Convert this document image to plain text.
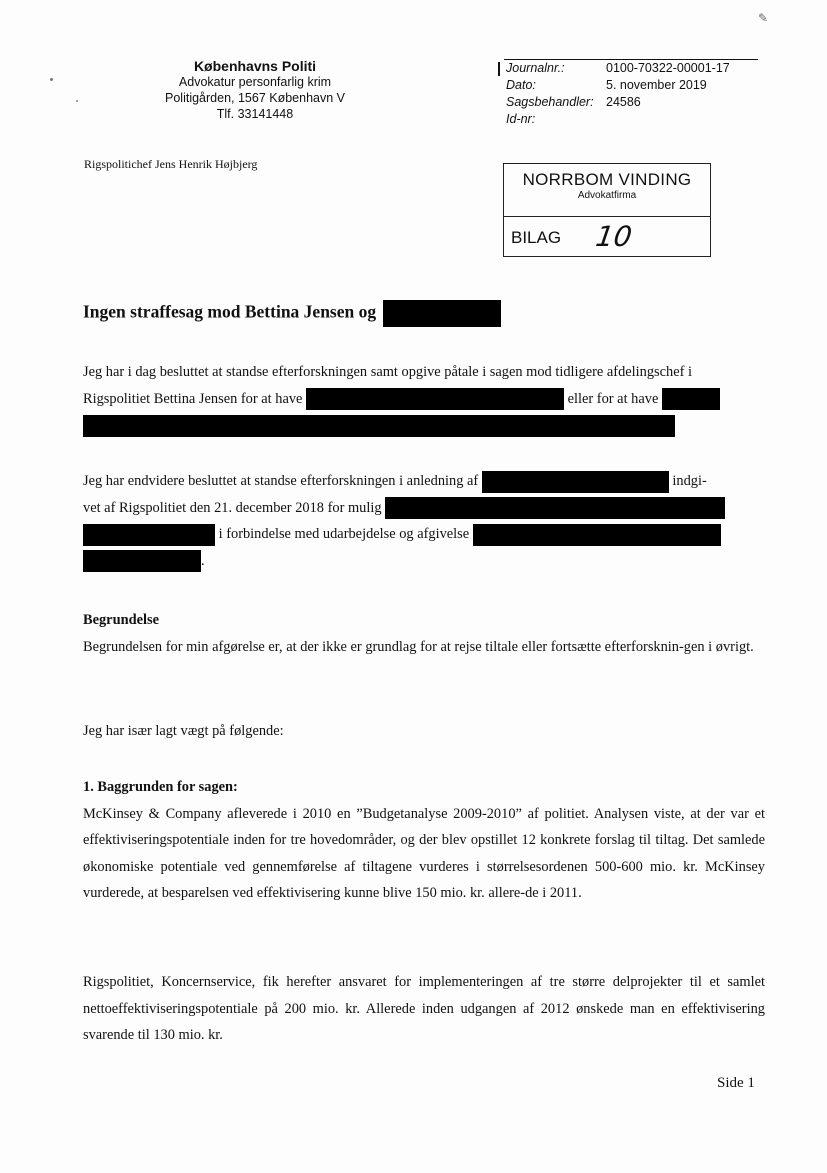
✎
Københavns Politi
Advokatur personfarlig krim
Politigården, 1567 København V
Tlf. 33141448
Journalnr.:	0100-70322-00001-17
Dato:	5. november 2019
Sagsbehandler: 24586
Id-nr:
Rigspolitichef Jens Henrik Højbjerg
NORRBOM VINDING
Advokatfirma
BILAG 10
Ingen straffesag mod Bettina Jensen og
Jeg har i dag besluttet at standse efterforskningen samt opgive påtale i sagen mod tidligere afdelingschef i
Rigspolitiet Bettina Jensen for at have	eller for at have
Jeg har endvidere besluttet at standse efterforskningen i anledning af	indgi-
vet af Rigspolitiet den 21. december 2018 for mulig
i forbindelse med udarbejdelse og afgivelse
.
Begrundelse
Begrundelsen for min afgørelse er, at der ikke er grundlag for at rejse tiltale eller fortsætte efterforsknin-gen i øvrigt.
Jeg har især lagt vægt på følgende:
1. Baggrunden for sagen:
McKinsey & Company afleverede i 2010 en ”Budgetanalyse 2009-2010” af politiet. Analysen viste, at der var et effektiviseringspotentiale inden for tre hovedområder, og der blev opstillet 12 konkrete forslag til tiltag. Det samlede økonomiske potentiale ved gennemførelse af tiltagene vurderes i størrelsesordenen 500-600 mio. kr. McKinsey vurderede, at besparelsen ved effektivisering kunne blive 150 mio. kr. allere-de i 2011.
Rigspolitiet, Koncernservice, fik herefter ansvaret for implementeringen af tre større delprojekter til et samlet nettoeffektiviseringspotentiale på 200 mio. kr. Allerede inden udgangen af 2012 ønskede man en effektivisering svarende til 130 mio. kr.
Side 1
